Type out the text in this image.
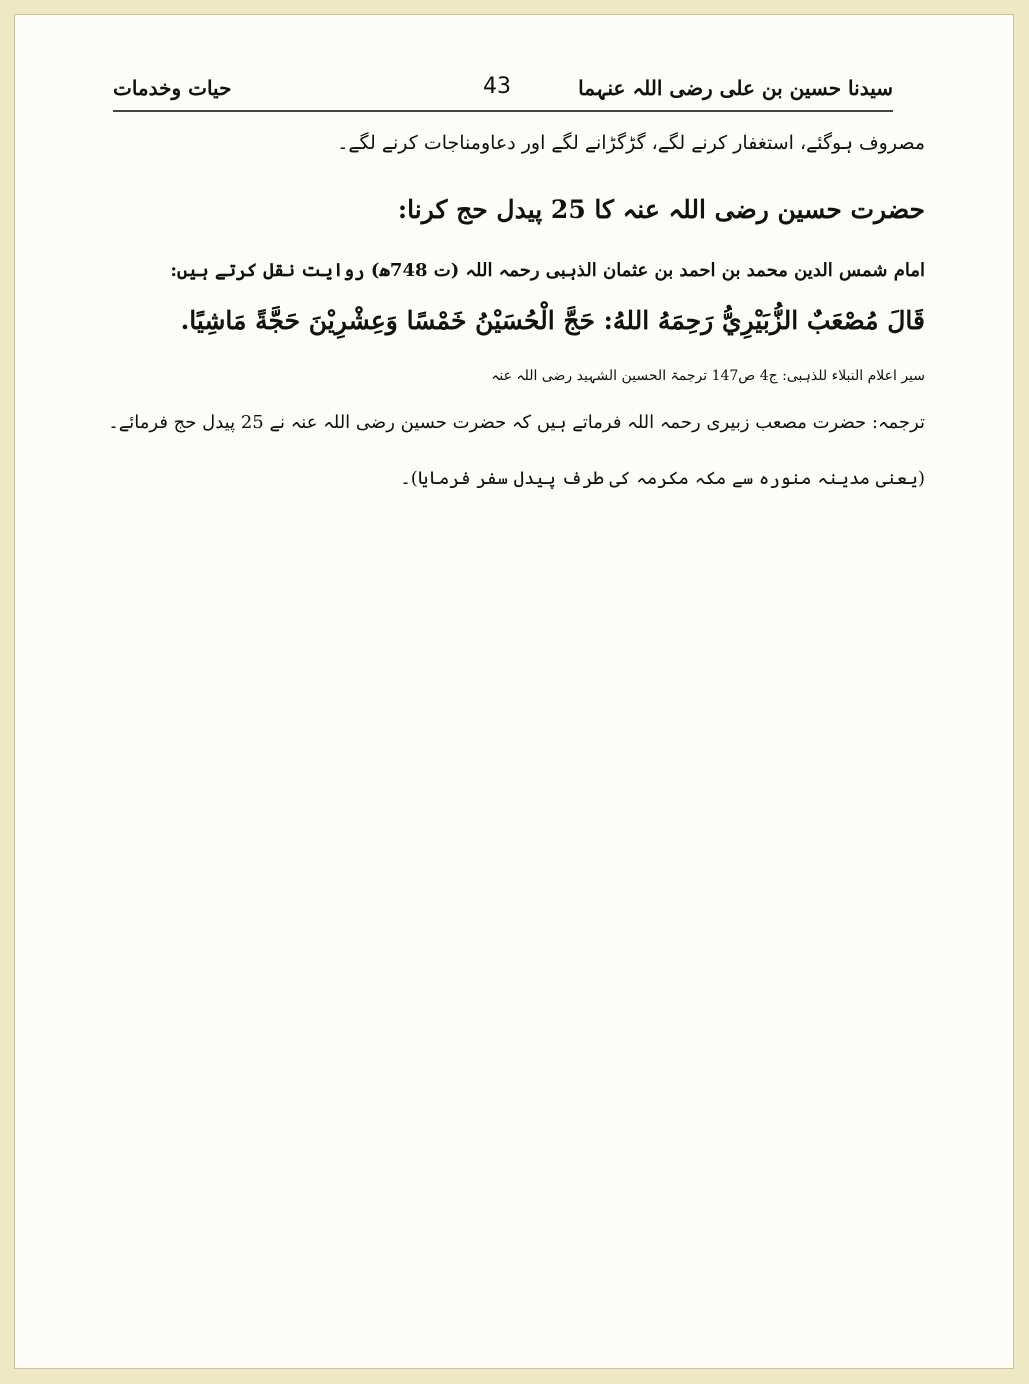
سیدنا حسین بن علی رضی اللہ عنہما
43
حیات وخدمات
مصروف ہوگئے، استغفار کرنے لگے، گڑگڑانے لگے اور دعاومناجات کرنے لگے۔
حضرت حسین رضی اللہ عنہ کا 25 پیدل حج کرنا:
امام شمس الدین محمد بن احمد بن عثمان الذہبی رحمہ اللہ (ت 748ھ) روایت نقل کرتے ہیں:
قَالَ مُصْعَبٌ الزُّبَيْرِيُّ رَحِمَهُ اللهُ: حَجَّ الْحُسَيْنُ خَمْسًا وَعِشْرِيْنَ حَجَّةً مَاشِيًا.
سیر اعلام النبلاء للذہبی: ج4 ص147 ترجمۃ الحسین الشہید رضی اللہ عنہ
ترجمہ: حضرت مصعب زبیری رحمہ اللہ فرماتے ہیں کہ حضرت حسین رضی اللہ عنہ نے 25 پیدل حج فرمائے۔
(یعنی مدینہ منورہ سے مکہ مکرمہ کی طرف پیدل سفر فرمایا)۔
